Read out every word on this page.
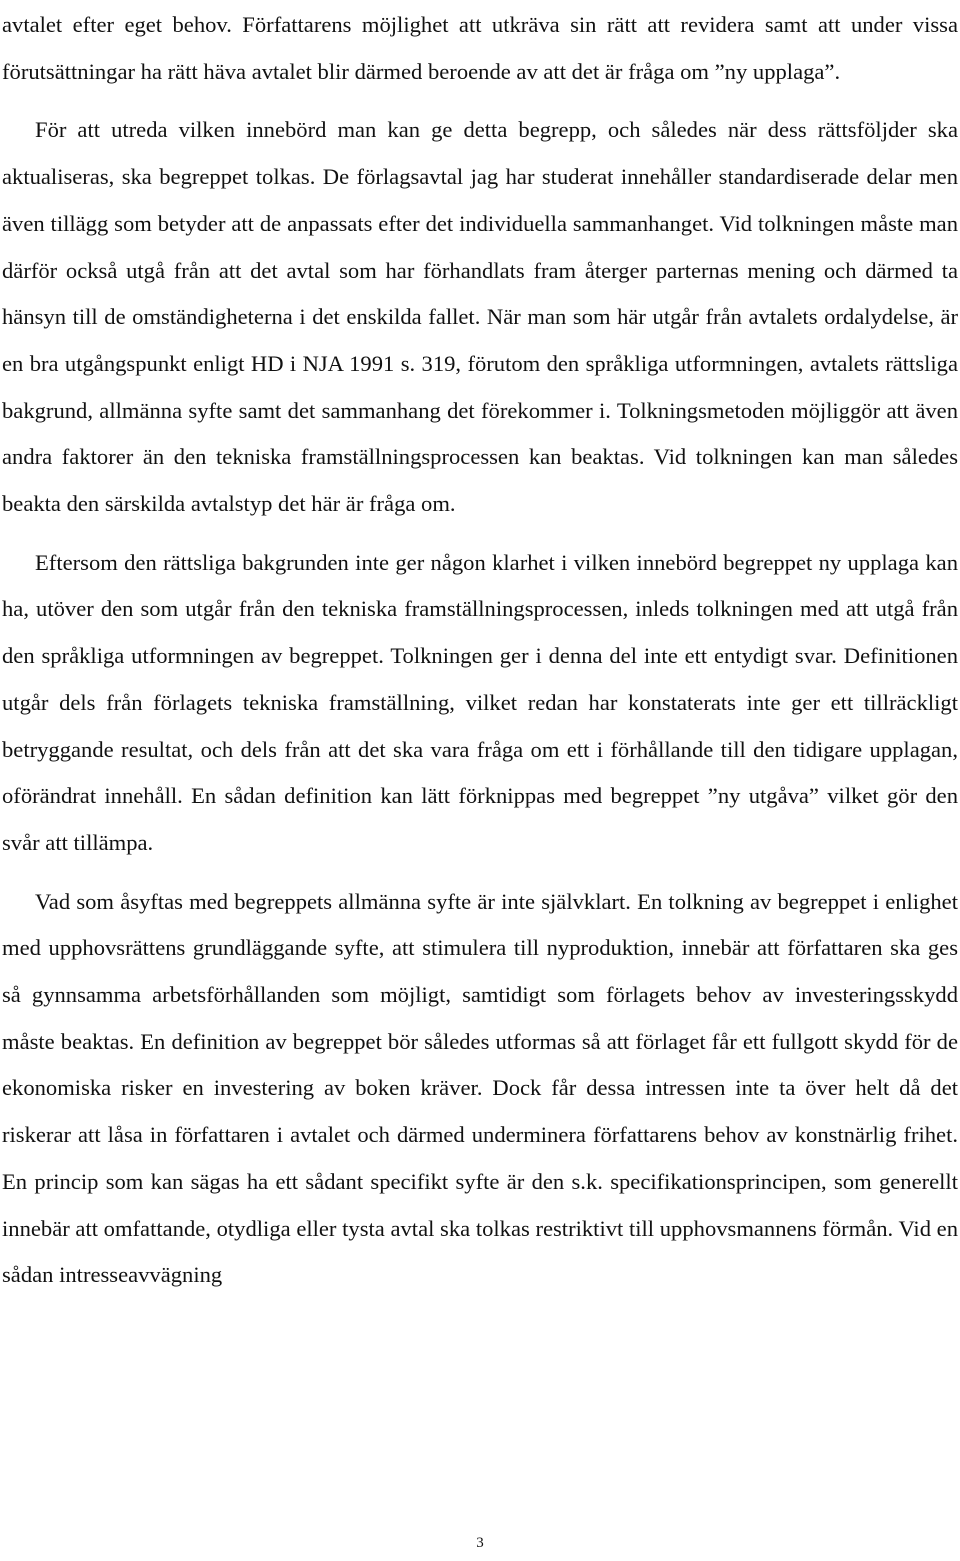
avtalet efter eget behov. Författarens möjlighet att utkräva sin rätt att revidera samt att under vissa förutsättningar ha rätt häva avtalet blir därmed beroende av att det är fråga om ”ny upplaga”.

För att utreda vilken innebörd man kan ge detta begrepp, och således när dess rättsföljder ska aktualiseras, ska begreppet tolkas. De förlagsavtal jag har studerat innehåller standardiserade delar men även tillägg som betyder att de anpassats efter det individuella sammanhanget. Vid tolkningen måste man därför också utgå från att det avtal som har förhandlats fram återger parternas mening och därmed ta hänsyn till de omständigheterna i det enskilda fallet. När man som här utgår från avtalets ordalydelse, är en bra utgångspunkt enligt HD i NJA 1991 s. 319, förutom den språkliga utformningen, avtalets rättsliga bakgrund, allmänna syfte samt det sammanhang det förekommer i. Tolkningsmetoden möjliggör att även andra faktorer än den tekniska framställningsprocessen kan beaktas. Vid tolkningen kan man således beakta den särskilda avtalstyp det här är fråga om.

Eftersom den rättsliga bakgrunden inte ger någon klarhet i vilken innebörd begreppet ny upplaga kan ha, utöver den som utgår från den tekniska framställningsprocessen, inleds tolkningen med att utgå från den språkliga utformningen av begreppet. Tolkningen ger i denna del inte ett entydigt svar. Definitionen utgår dels från förlagets tekniska framställning, vilket redan har konstaterats inte ger ett tillräckligt betryggande resultat, och dels från att det ska vara fråga om ett i förhållande till den tidigare upplagan, oförändrat innehåll. En sådan definition kan lätt förknippas med begreppet ”ny utgåva” vilket gör den svår att tillämpa.

Vad som åsyftas med begreppets allmänna syfte är inte självklart. En tolkning av begreppet i enlighet med upphovsrättens grundläggande syfte, att stimulera till nyproduktion, innebär att författaren ska ges så gynnsamma arbetsförhållanden som möjligt, samtidigt som förlagets behov av investeringsskydd måste beaktas. En definition av begreppet bör således utformas så att förlaget får ett fullgott skydd för de ekonomiska risker en investering av boken kräver. Dock får dessa intressen inte ta över helt då det riskerar att låsa in författaren i avtalet och därmed underminera författarens behov av konstnärlig frihet. En princip som kan sägas ha ett sådant specifikt syfte är den s.k. specifikationsprincipen, som generellt innebär att omfattande, otydliga eller tysta avtal ska tolkas restriktivt till upphovsmannens förmån. Vid en sådan intresseavvägning

3
